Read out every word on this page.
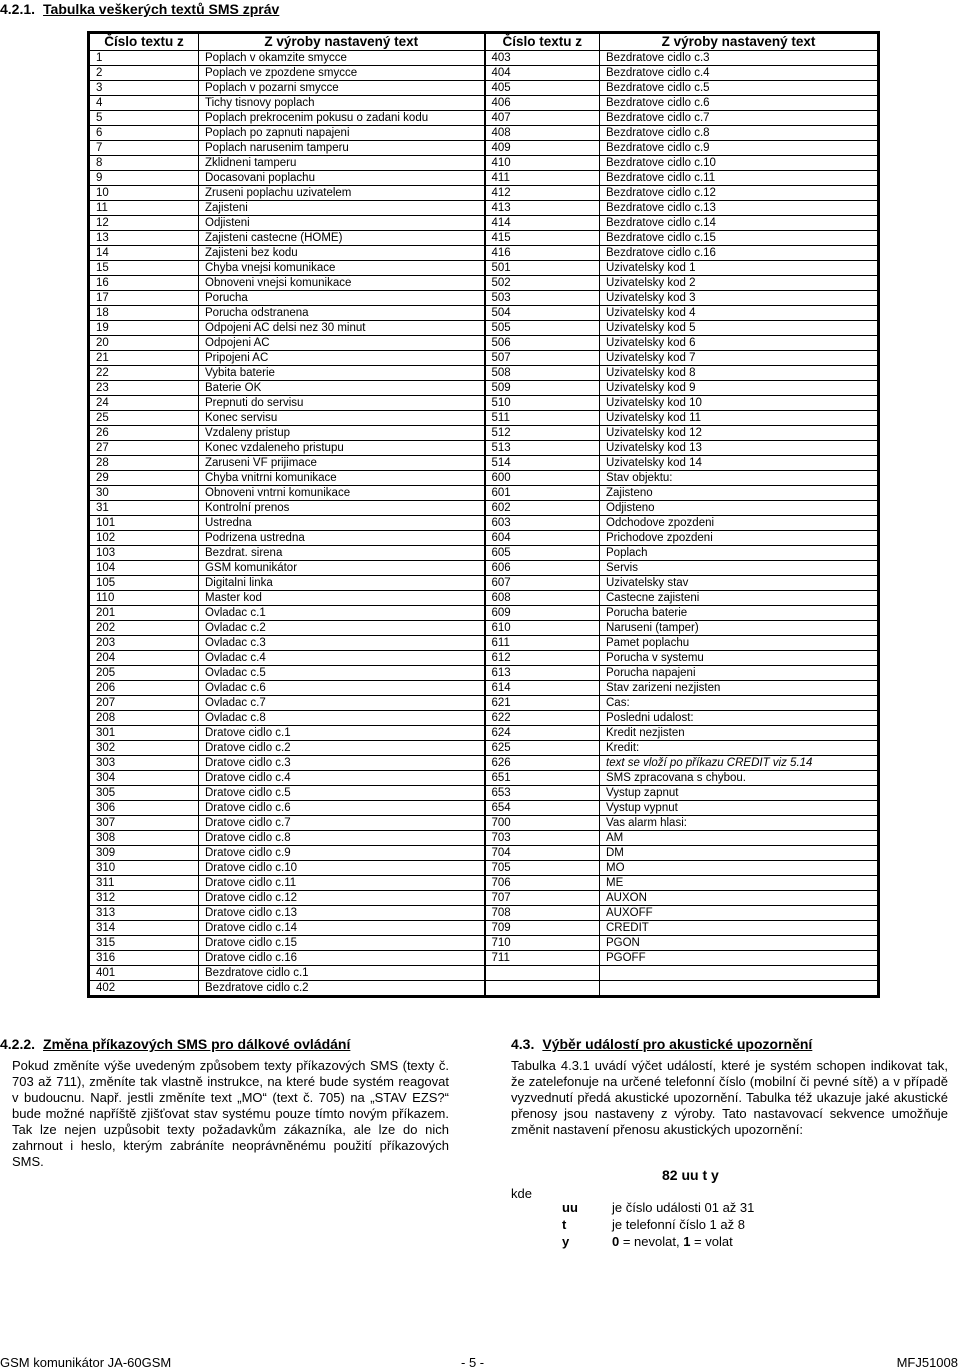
4.2.1. Tabulka veškerých textů SMS zpráv
Číslo textu z	Z výroby nastavený text	Číslo textu z	Z výroby nastavený text
1	Poplach v okamzite smycce	403	Bezdratove cidlo c.3
2	Poplach ve zpozdene smycce	404	Bezdratove cidlo c.4
3	Poplach v pozarni smycce	405	Bezdratove cidlo c.5
4	Tichy tisnovy poplach	406	Bezdratove cidlo c.6
5	Poplach prekrocenim pokusu o zadani kodu	407	Bezdratove cidlo c.7
6	Poplach po zapnuti napajeni	408	Bezdratove cidlo c.8
7	Poplach narusenim tamperu	409	Bezdratove cidlo c.9
8	Zklidneni tamperu	410	Bezdratove cidlo c.10
9	Docasovani poplachu	411	Bezdratove cidlo c.11
10	Zruseni poplachu uzivatelem	412	Bezdratove cidlo c.12
11	Zajisteni	413	Bezdratove cidlo c.13
12	Odjisteni	414	Bezdratove cidlo c.14
13	Zajisteni castecne (HOME)	415	Bezdratove cidlo c.15
14	Zajisteni bez kodu	416	Bezdratove cidlo c.16
15	Chyba vnejsi komunikace	501	Uzivatelsky kod 1
16	Obnoveni vnejsi komunikace	502	Uzivatelsky kod 2
17	Porucha	503	Uzivatelsky kod 3
18	Porucha odstranena	504	Uzivatelsky kod 4
19	Odpojeni AC delsi nez 30 minut	505	Uzivatelsky kod 5
20	Odpojeni AC	506	Uzivatelsky kod 6
21	Pripojeni AC	507	Uzivatelsky kod 7
22	Vybita baterie	508	Uzivatelsky kod 8
23	Baterie OK	509	Uzivatelsky kod 9
24	Prepnuti do servisu	510	Uzivatelsky kod 10
25	Konec servisu	511	Uzivatelsky kod 11
26	Vzdaleny pristup	512	Uzivatelsky kod 12
27	Konec vzdaleneho pristupu	513	Uzivatelsky kod 13
28	Zaruseni VF prijimace	514	Uzivatelsky kod 14
29	Chyba vnitrni komunikace	600	Stav objektu:
30	Obnoveni vntrni komunikace	601	Zajisteno
31	Kontrolní prenos	602	Odjisteno
101	Ustredna	603	Odchodove zpozdeni
102	Podrizena ustredna	604	Prichodove zpozdeni
103	Bezdrat. sirena	605	Poplach
104	GSM komunikátor	606	Servis
105	Digitalni linka	607	Uzivatelsky stav
110	Master kod	608	Castecne zajisteni
201	Ovladac c.1	609	Porucha baterie
202	Ovladac c.2	610	Naruseni (tamper)
203	Ovladac c.3	611	Pamet poplachu
204	Ovladac c.4	612	Porucha v systemu
205	Ovladac c.5	613	Porucha napajeni
206	Ovladac c.6	614	Stav zarizeni nezjisten
207	Ovladac c.7	621	Cas:
208	Ovladac c.8	622	Posledni udalost:
301	Dratove cidlo c.1	624	Kredit nezjisten
302	Dratove cidlo c.2	625	Kredit:
303	Dratove cidlo c.3	626	text se vloží po příkazu CREDIT viz 5.14
304	Dratove cidlo c.4	651	SMS zpracovana s chybou.
305	Dratove cidlo c.5	653	Vystup zapnut
306	Dratove cidlo c.6	654	Vystup vypnut
307	Dratove cidlo c.7	700	Vas alarm hlasi:
308	Dratove cidlo c.8	703	AM
309	Dratove cidlo c.9	704	DM
310	Dratove cidlo c.10	705	MO
311	Dratove cidlo c.11	706	ME
312	Dratove cidlo c.12	707	AUXON
313	Dratove cidlo c.13	708	AUXOFF
314	Dratove cidlo c.14	709	CREDIT
315	Dratove cidlo c.15	710	PGON
316	Dratove cidlo c.16	711	PGOFF
401	Bezdratove cidlo c.1		
402	Bezdratove cidlo c.2		
4.2.2. Změna příkazových SMS pro dálkové ovládání

Pokud změníte výše uvedeným způsobem texty příkazových SMS (texty č. 703 až 711), změníte tak vlastně instrukce, na které bude systém reagovat v budoucnu. Např. jestli změníte text „MO“ (text č. 705) na „STAV EZS?“ bude možné napříště zjišťovat stav systému pouze tímto novým příkazem. Tak lze nejen uzpůsobit texty požadavkům zákazníka, ale lze do nich zahrnout i heslo, kterým zabráníte neoprávněnému použití příkazových SMS.

4.3. Výběr událostí pro akustické upozornění

Tabulka 4.3.1 uvádí výčet událostí, které je systém schopen indikovat tak, že zatelefonuje na určené telefonní číslo (mobilní či pevné sítě) a v případě vyzvednutí předá akustické upozornění. Tabulka též ukazuje jaké akustické přenosy jsou nastaveny z výroby. Tato nastavovací sekvence umožňuje změnit nastavení přenosu akustických upozornění:

82 uu t y
kde
uu	je číslo události 01 až 31
t	je telefonní číslo 1 až 8
y	0 = nevolat, 1 = volat
GSM komunikátor JA-60GSM	- 5 -	MFJ51008
